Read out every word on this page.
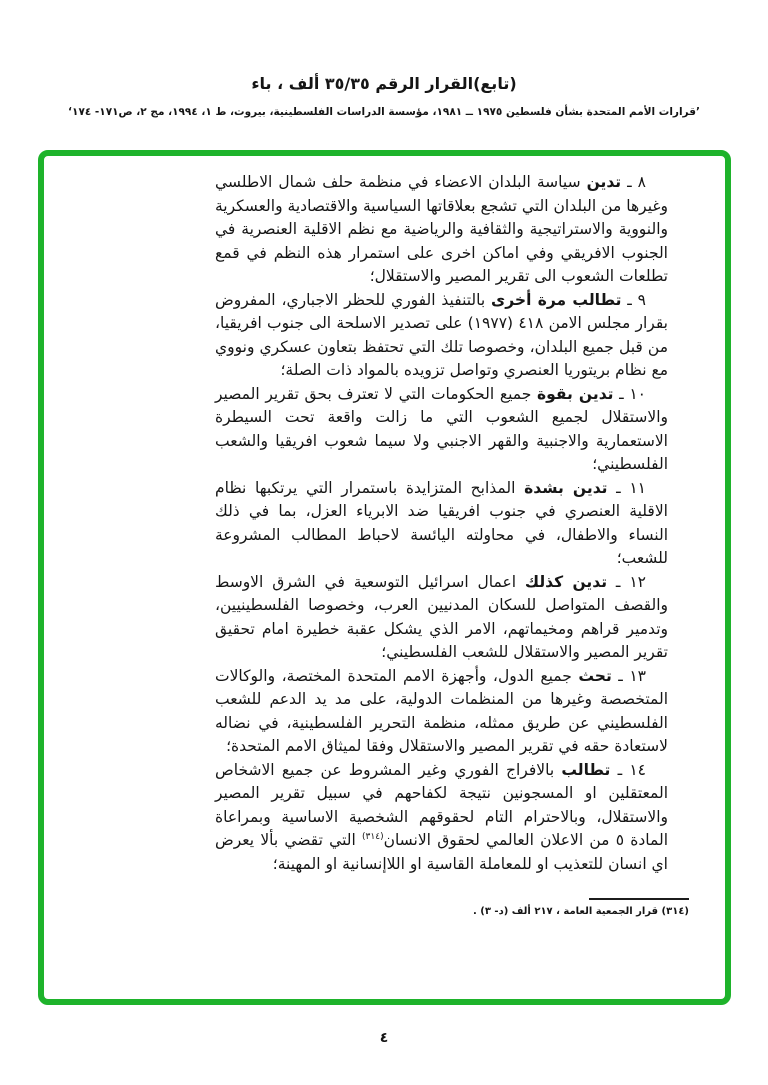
(تابع)القرار الرقم ٣٥/٣٥ ألف ، باء
’قرارات الأمم المتحدة بشأن فلسطين ١٩٧٥ ــ ١٩٨١، مؤسسة الدراسات الفلسطينية، بيروت، ط ١، ١٩٩٤، مج ٢، ص١٧١- ١٧٤‘

٨ ـ تدين سياسة البلدان الاعضاء في منظمة حلف شمال الاطلسي وغيرها من البلدان التي تشجع بعلاقاتها السياسية والاقتصادية والعسكرية والنووية والاستراتيجية والثقافية والرياضية مع نظم الاقلية العنصرية في الجنوب الافريقي وفي اماكن اخرى على استمرار هذه النظم في قمع تطلعات الشعوب الى تقرير المصير والاستقلال؛

٩ ـ تطالب مرة أخرى بالتنفيذ الفوري للحظر الاجباري، المفروض بقرار مجلس الامن ٤١٨ (١٩٧٧) على تصدير الاسلحة الى جنوب افريقيا، من قبل جميع البلدان، وخصوصا تلك التي تحتفظ بتعاون عسكري ونووي مع نظام بريتوريا العنصري وتواصل تزويده بالمواد ذات الصلة؛

١٠ ـ تدين بقوة جميع الحكومات التي لا تعترف بحق تقرير المصير والاستقلال لجميع الشعوب التي ما زالت واقعة تحت السيطرة الاستعمارية والاجنبية والقهر الاجنبي ولا سيما شعوب افريقيا والشعب الفلسطيني؛

١١ ـ تدين بشدة المذابح المتزايدة باستمرار التي يرتكبها نظام الاقلية العنصري في جنوب افريقيا ضد الابرياء العزل، بما في ذلك النساء والاطفال، في محاولته اليائسة لاحباط المطالب المشروعة للشعب؛

١٢ ـ تدين كذلك اعمال اسرائيل التوسعية في الشرق الاوسط والقصف المتواصل للسكان المدنيين العرب، وخصوصا الفلسطينيين، وتدمير قراهم ومخيماتهم، الامر الذي يشكل عقبة خطيرة امام تحقيق تقرير المصير والاستقلال للشعب الفلسطيني؛

١٣ ـ تحث جميع الدول، وأجهزة الامم المتحدة المختصة، والوكالات المتخصصة وغيرها من المنظمات الدولية، على مد يد الدعم للشعب الفلسطيني عن طريق ممثله، منظمة التحرير الفلسطينية، في نضاله لاستعادة حقه في تقرير المصير والاستقلال وفقا لميثاق الامم المتحدة؛

١٤ ـ تطالب بالافراج الفوري وغير المشروط عن جميع الاشخاص المعتقلين او المسجونين نتيجة لكفاحهم في سبيل تقرير المصير والاستقلال، وبالاحترام التام لحقوقهم الشخصية الاساسية وبمراعاة المادة ٥ من الاعلان العالمي لحقوق الانسان$^{(٣١٤)}$ التي تقضي بألا يعرض اي انسان للتعذيب او للمعاملة القاسية او اللاإنسانية او المهينة؛

(٣١٤) قرار الجمعية العامة ، ٢١٧ ألف (د- ٣) .
٤
